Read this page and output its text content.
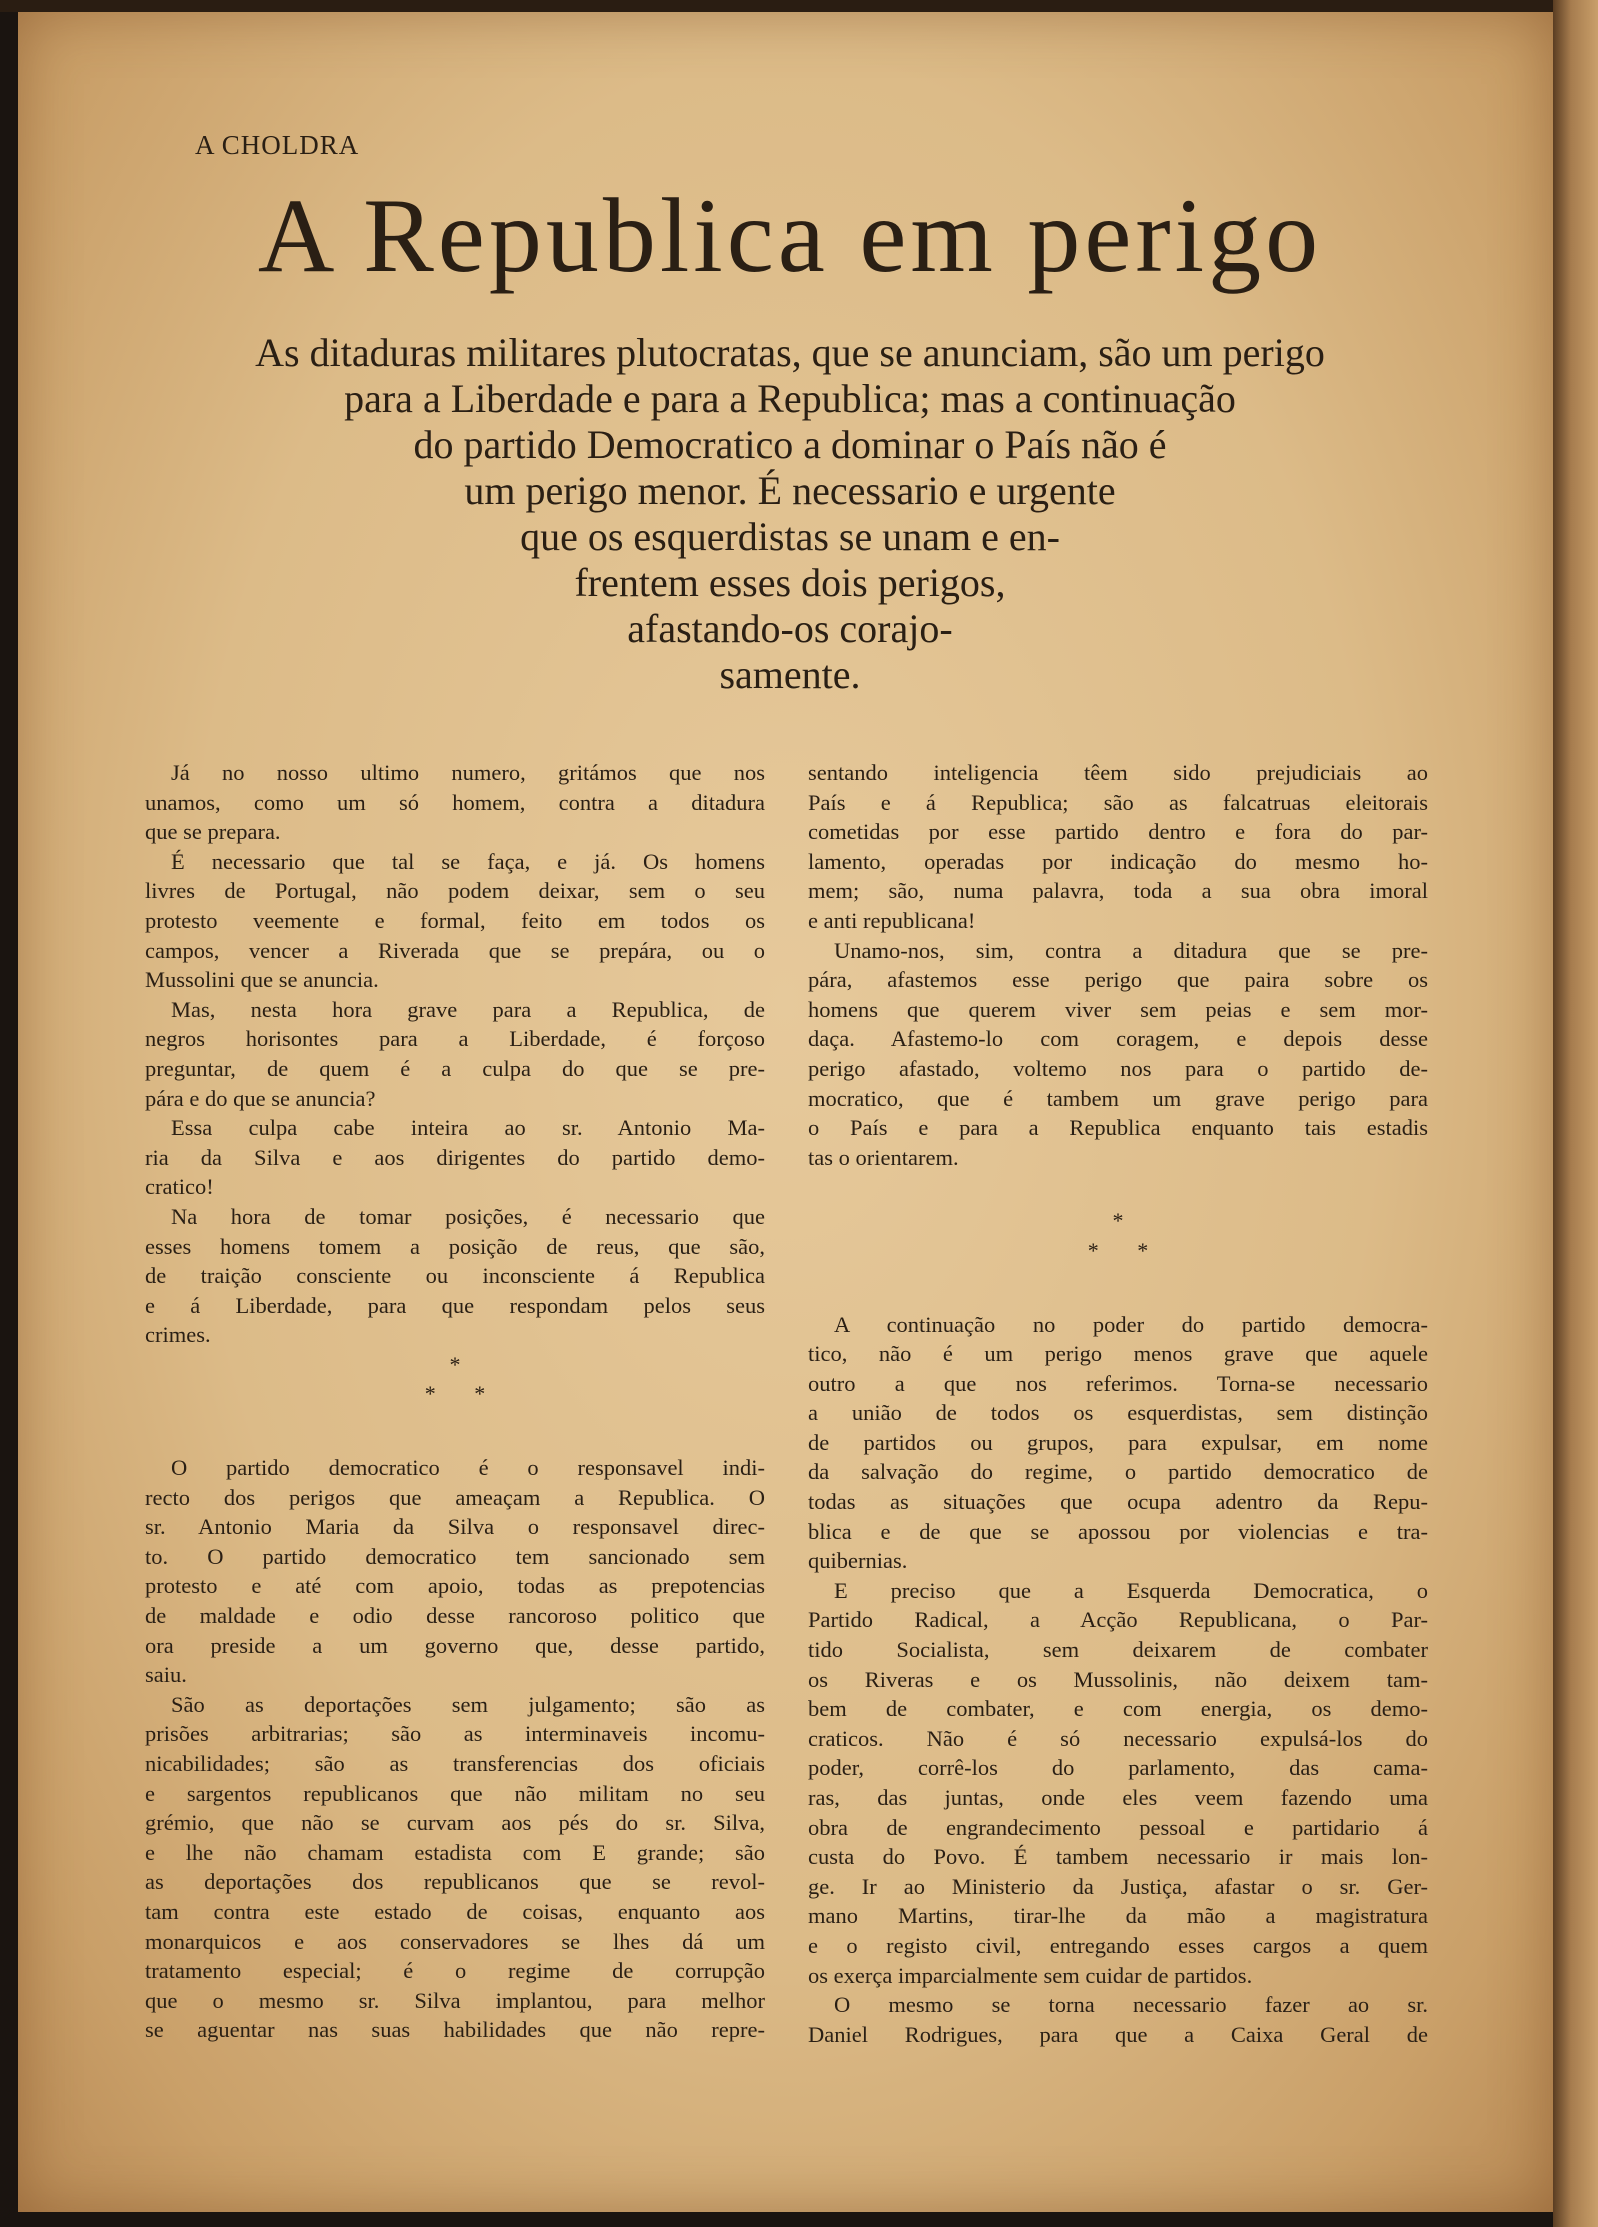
A CHOLDRA
A Republica em perigo
As ditaduras militares plutocratas, que se anunciam, são um perigo
para a Liberdade e para a Republica; mas a continuação
do partido Democratico a dominar o País não é
um perigo menor. É necessario e urgente
que os esquerdistas se unam e en-
frentem esses dois perigos,
afastando-os corajo-
samente.
Já no nosso ultimo numero, gritámos que nos
unamos, como um só homem, contra a ditadura
que se prepara.
É necessario que tal se faça, e já. Os homens
livres de Portugal, não podem deixar, sem o seu
protesto veemente e formal, feito em todos os
campos, vencer a Riverada que se prepára, ou o
Mussolini que se anuncia.
Mas, nesta hora grave para a Republica, de
negros horisontes para a Liberdade, é forçoso
preguntar, de quem é a culpa do que se pre-
pára e do que se anuncia?
Essa culpa cabe inteira ao sr. Antonio Ma-
ria da Silva e aos dirigentes do partido demo-
cratico!
Na hora de tomar posições, é necessario que
esses homens tomem a posição de reus, que são,
de traição consciente ou inconsciente á Republica
e á Liberdade, para que respondam pelos seus
crimes.
*
*       *
O partido democratico é o responsavel indi-
recto dos perigos que ameaçam a Republica. O
sr. Antonio Maria da Silva o responsavel direc-
to. O partido democratico tem sancionado sem
protesto e até com apoio, todas as prepotencias
de maldade e odio desse rancoroso politico que
ora preside a um governo que, desse partido,
saiu.
São as deportações sem julgamento; são as
prisões arbitrarias; são as interminaveis incomu-
nicabilidades; são as transferencias dos oficiais
e sargentos republicanos que não militam no seu
grémio, que não se curvam aos pés do sr. Silva,
e lhe não chamam estadista com E grande; são
as deportações dos republicanos que se revol-
tam contra este estado de coisas, enquanto aos
monarquicos e aos conservadores se lhes dá um
tratamento especial; é o regime de corrupção
que o mesmo sr. Silva implantou, para melhor
se aguentar nas suas habilidades que não repre-
sentando inteligencia têem sido prejudiciais ao
País e á Republica; são as falcatruas eleitorais
cometidas por esse partido dentro e fora do par-
lamento, operadas por indicação do mesmo ho-
mem; são, numa palavra, toda a sua obra imoral
e anti republicana!
Unamo-nos, sim, contra a ditadura que se pre-
pára, afastemos esse perigo que paira sobre os
homens que querem viver sem peias e sem mor-
daça. Afastemo-lo com coragem, e depois desse
perigo afastado, voltemo nos para o partido de-
mocratico, que é tambem um grave perigo para
o País e para a Republica enquanto tais estadis
tas o orientarem.
*
*       *
A continuação no poder do partido democra-
tico, não é um perigo menos grave que aquele
outro a que nos referimos. Torna-se necessario
a união de todos os esquerdistas, sem distinção
de partidos ou grupos, para expulsar, em nome
da salvação do regime, o partido democratico de
todas as situações que ocupa adentro da Repu-
blica e de que se apossou por violencias e tra-
quibernias.
E preciso que a Esquerda Democratica, o
Partido Radical, a Acção Republicana, o Par-
tido Socialista, sem deixarem de combater
os Riveras e os Mussolinis, não deixem tam-
bem de combater, e com energia, os demo-
craticos. Não é só necessario expulsá-los do
poder, corrê-los do parlamento, das cama-
ras, das juntas, onde eles veem fazendo uma
obra de engrandecimento pessoal e partidario á
custa do Povo. É tambem necessario ir mais lon-
ge. Ir ao Ministerio da Justiça, afastar o sr. Ger-
mano Martins, tirar-lhe da mão a magistratura
e o registo civil, entregando esses cargos a quem
os exerça imparcialmente sem cuidar de partidos.
O mesmo se torna necessario fazer ao sr.
Daniel Rodrigues, para que a Caixa Geral de
